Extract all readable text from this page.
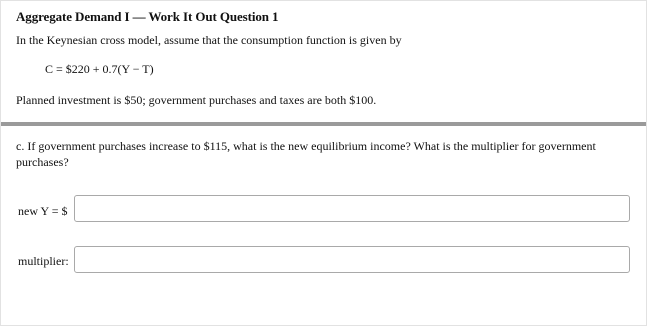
Aggregate Demand I — Work It Out Question 1
In the Keynesian cross model, assume that the consumption function is given by
C = $220 + 0.7(Y − T)
Planned investment is $50; government purchases and taxes are both $100.
c. If government purchases increase to $115, what is the new equilibrium income? What is the multiplier for government purchases?
new Y = $
multiplier:
